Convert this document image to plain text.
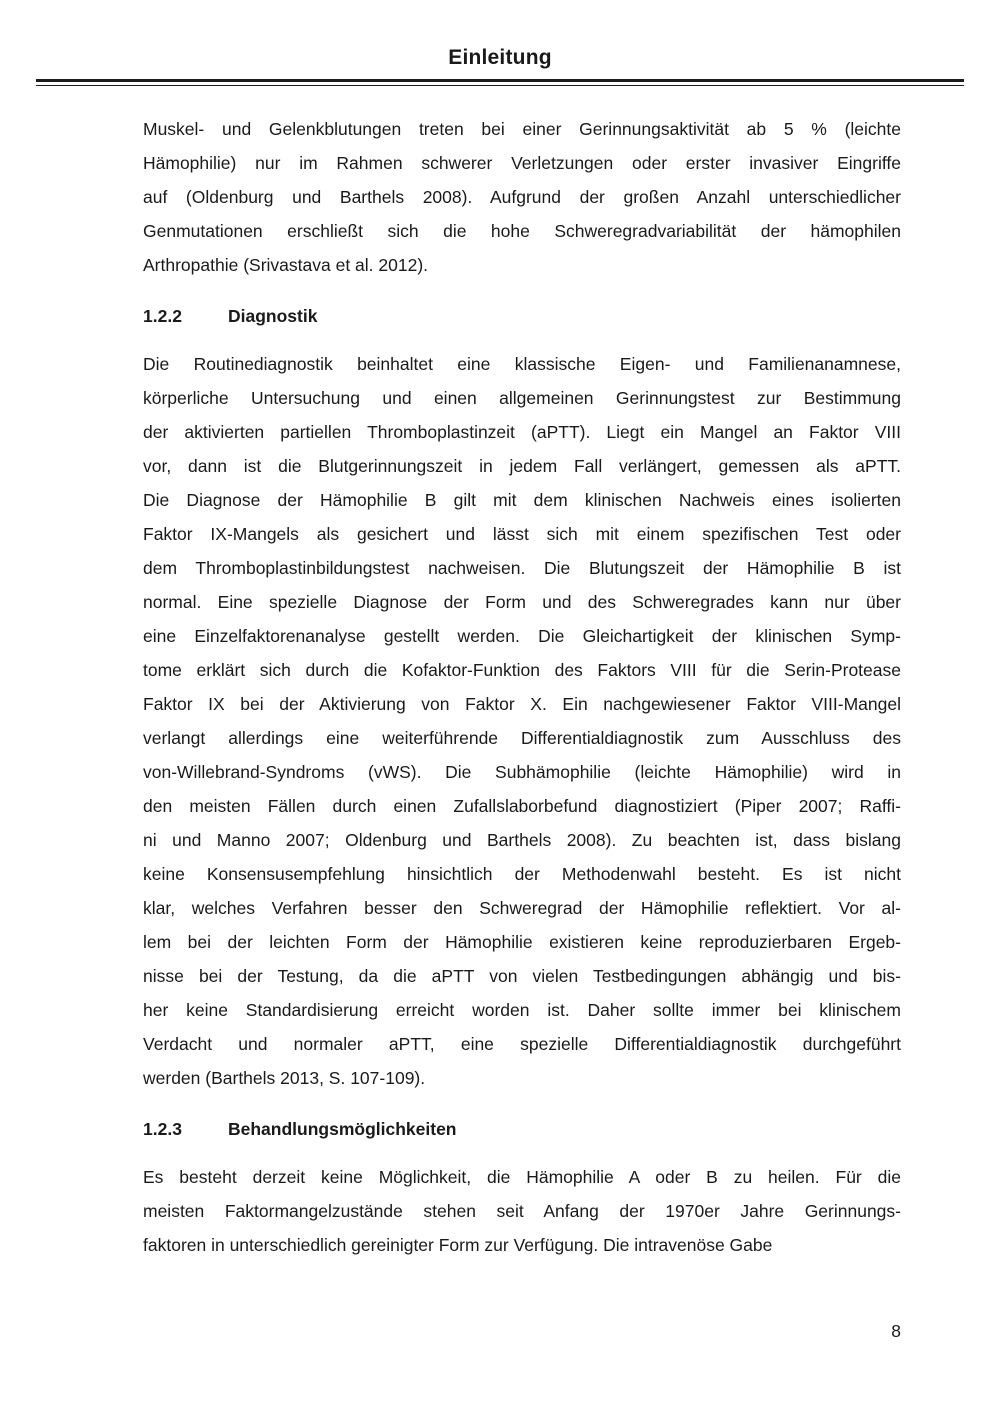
Einleitung
Muskel- und Gelenkblutungen treten bei einer Gerinnungsaktivität ab 5 % (leichte
Hämophilie) nur im Rahmen schwerer Verletzungen oder erster invasiver Eingriffe
auf (Oldenburg und Barthels 2008). Aufgrund der großen Anzahl unterschiedlicher
Genmutationen erschließt sich die hohe Schweregradvariabilität der hämophilen
Arthropathie (Srivastava et al. 2012).
1.2.2	Diagnostik
Die Routinediagnostik beinhaltet eine klassische Eigen- und Familienanamnese,
körperliche Untersuchung und einen allgemeinen Gerinnungstest zur Bestimmung
der aktivierten partiellen Thromboplastinzeit (aPTT). Liegt ein Mangel an Faktor VIII
vor, dann ist die Blutgerinnungszeit in jedem Fall verlängert, gemessen als aPTT.
Die Diagnose der Hämophilie B gilt mit dem klinischen Nachweis eines isolierten
Faktor IX-Mangels als gesichert und lässt sich mit einem spezifischen Test oder
dem Thromboplastinbildungstest nachweisen. Die Blutungszeit der Hämophilie B ist
normal. Eine spezielle Diagnose der Form und des Schweregrades kann nur über
eine Einzelfaktorenanalyse gestellt werden. Die Gleichartigkeit der klinischen Symp-
tome erklärt sich durch die Kofaktor-Funktion des Faktors VIII für die Serin-Protease
Faktor IX bei der Aktivierung von Faktor X. Ein nachgewiesener Faktor VIII-Mangel
verlangt allerdings eine weiterführende Differentialdiagnostik zum Ausschluss des
von-Willebrand-Syndroms (vWS). Die Subhämophilie (leichte Hämophilie) wird in
den meisten Fällen durch einen Zufallslaborbefund diagnostiziert (Piper 2007; Raffi-
ni und Manno 2007; Oldenburg und Barthels 2008). Zu beachten ist, dass bislang
keine Konsensusempfehlung hinsichtlich der Methodenwahl besteht. Es ist nicht
klar, welches Verfahren besser den Schweregrad der Hämophilie reflektiert. Vor al-
lem bei der leichten Form der Hämophilie existieren keine reproduzierbaren Ergeb-
nisse bei der Testung, da die aPTT von vielen Testbedingungen abhängig und bis-
her keine Standardisierung erreicht worden ist. Daher sollte immer bei klinischem
Verdacht und normaler aPTT, eine spezielle Differentialdiagnostik durchgeführt
werden (Barthels 2013, S. 107-109).
1.2.3	Behandlungsmöglichkeiten
Es besteht derzeit keine Möglichkeit, die Hämophilie A oder B zu heilen. Für die
meisten Faktormangelzustände stehen seit Anfang der 1970er Jahre Gerinnungs-
faktoren in unterschiedlich gereinigter Form zur Verfügung. Die intravenöse Gabe
8
